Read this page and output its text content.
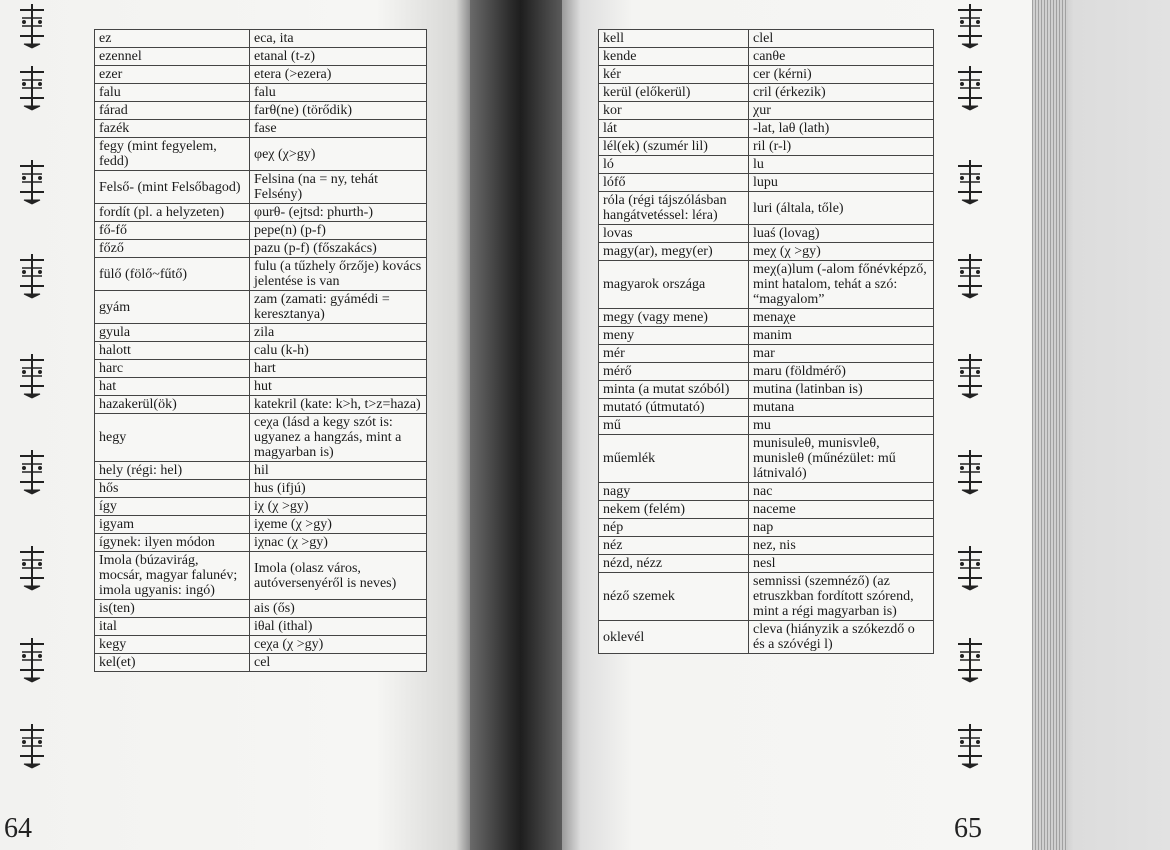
ez	eca, ita
ezennel	etanal (t-z)
ezer	etera (>ezera)
falu	falu
fárad	farθ(ne) (törődik)
fazék	fase
fegy (mint fegyelem, fedd)	φeχ (χ>gy)
Felső- (mint Felsőbagod)	Felsina (na = ny, tehát Felsény)
fordít (pl. a helyzeten)	φurθ- (ejtsd: phurth-)
fő-fő	pepe(n) (p-f)
főző	pazu (p-f) (főszakács)
fülő (fölő~fűtő)	fulu (a tűzhely őrzője) kovács jelentése is van
gyám	zam (zamati: gyámédi = keresztanya)
gyula	zila
halott	calu (k-h)
harc	hart
hat	hut
hazakerül(ök)	katekril (kate: k>h, t>z=haza)
hegy	ceχa (lásd a kegy szót is: ugyanez a hangzás, mint a magyarban is)
hely (régi: hel)	hil
hős	hus (ifjú)
így	iχ (χ >gy)
igyam	iχeme (χ >gy)
ígynek: ilyen módon	iχnac (χ >gy)
Imola (búzavirág, mocsár, magyar falunév; imola ugyanis: ingó)	Imola (olasz város, autóversenyéről is neves)
is(ten)	ais (ős)
ital	iθal (ithal)
kegy	ceχa (χ >gy)
kel(et)	cel
64
kell	clel
kende	canθe
kér	cer (kérni)
kerül (előkerül)	cril (érkezik)
kor	χur
lát	-lat, laθ (lath)
lél(ek) (szumér lil)	ril (r-l)
ló	lu
lófő	lupu
róla (régi tájszólásban hangátvetéssel: léra)	luri (általa, tőle)
lovas	luaś (lovag)
magy(ar), megy(er)	meχ (χ >gy)
magyarok országa	meχ(a)lum (-alom főnévképző, mint hatalom, tehát a szó: “magyalom”
megy (vagy mene)	menaχe
meny	manim
mér	mar
mérő	maru (földmérő)
minta (a mutat szóból)	mutina (latinban is)
mutató (útmutató)	mutana
mű	mu
műemlék	munisuleθ, munisvleθ, munisleθ (műnézület: mű látnivaló)
nagy	nac
nekem (felém)	naceme
nép	nap
néz	nez, nis
nézd, nézz	nesl
néző szemek	semnissi (szemnéző) (az etruszkban fordított szórend, mint a régi magyarban is)
oklevél	cleva (hiányzik a szókezdő o és a szóvégi l)
65
